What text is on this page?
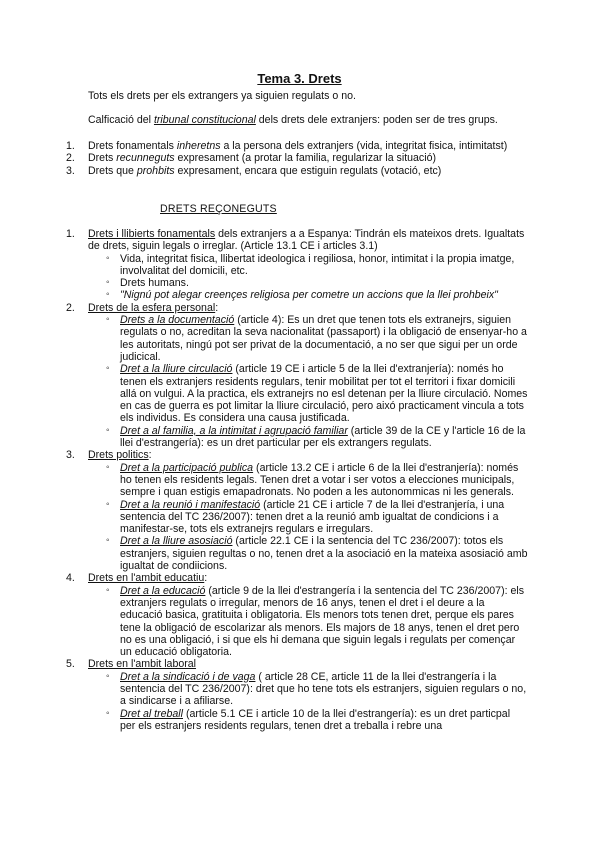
Tema 3. Drets
Tots els drets per els extrangers ya siguien regulats o no.
Calficació del tribunal constitucional dels drets dele extranjers: poden ser de tres grups.
1. Drets fonamentals inheretns a la persona dels extranjers (vida, integritat fisica, intimitatst)
2. Drets recunneguts expresament (a protar la familia, regularizar la situació)
3. Drets que prohbits expresament, encara que estiguin regulats (votació, etc)
DRETS REÇONEGUTS
1. Drets i llibierts fonamentals dels extranjers a a Espanya: Tindrán els mateixos drets. Igualtats de drets, siguin legals o irreglar. (Article 13.1 CE i articles 3.1)
◦ Vida, integritat fisica, llibertat ideologica i regiliosa, honor, intimitat i la propia imatge, involvalitat del domicili, etc.
◦ Drets humans.
◦ "Nignú pot alegar creençes religiosa per cometre un accions que la llei prohbeix"
2. Drets de la esfera personal:
◦ Drets a la documentació (article 4): Es un dret que tenen tots els extranejrs, siguien regulats o no, acreditan la seva nacionalitat (passaport) i la obligació de ensenyar-ho a les autoritats, ningú pot ser privat de la documentació, a no ser que sigui per un orde judicical.
◦ Dret a la lliure circulació (article 19 CE i article 5 de la llei d'extranjería): només ho tenen els extranjers residents regulars, tenir mobilitat per tot el territori i fixar domicili allá on vulgui. A la practica, els extranejrs no esl detenan per la lliure circulació. Nomes en cas de guerra es pot limitar la lliure circulació, pero aixó practicament vincula a tots els individus. Es considera una causa justificada.
◦ Dret a al familia, a la intimitat i agrupació familiar (article 39 de la CE y l'article 16 de la llei d'estrangería): es un dret particular per els extrangers regulats.
3. Drets politics:
◦ Dret a la participació publica (article 13.2 CE i article 6 de la llei d'estranjería): només ho tenen els residents legals. Tenen dret a votar i ser votos a elecciones municipals, sempre i quan estigis emapadronats. No poden a les autonommicas ni les generals.
◦ Dret a la reunió i manifestació (article 21 CE i article 7 de la llei d'estranjería, i una sentencia del TC 236/2007): tenen dret a la reunió amb igualtat de condicions i a manifestar-se, tots els extranejrs regulars e irregulars.
◦ Dret a la lliure asosiació (article 22.1 CE i la sentencia del TC 236/2007): totos els estranjers, siguien regultas o no, tenen dret a la asociació en la mateixa asosiació amb igualtat de condiicions.
4. Drets en l'ambit educatiu:
◦ Dret a la educació (article 9 de la llei d'estrangería i la sentencia del TC 236/2007): els extranjers regulats o irregular, menors de 16 anys, tenen el dret i el deure a la educació basica, gratituita i obligatoria. Els menors tots tenen dret, perque els pares tene la obligació de escolarizar als menors. Els majors de 18 anys, tenen el dret pero no es una obligació, i si que els hi demana que siguin legals i regulats per començar un educació obligatoria.
5. Drets en l'ambit laboral
◦ Dret a la sindicació i de vaga ( article 28 CE, article 11 de la llei d'estrangería i la sentencia del TC 236/2007): dret que ho tene tots els estranjers, siguien regulars o no, a sindicarse i a afiliarse.
◦ Dret al treball (article 5.1 CE i article 10 de la llei d'estrangería): es un dret particpal per els estranjers residents regulars, tenen dret a treballa i rebre una
